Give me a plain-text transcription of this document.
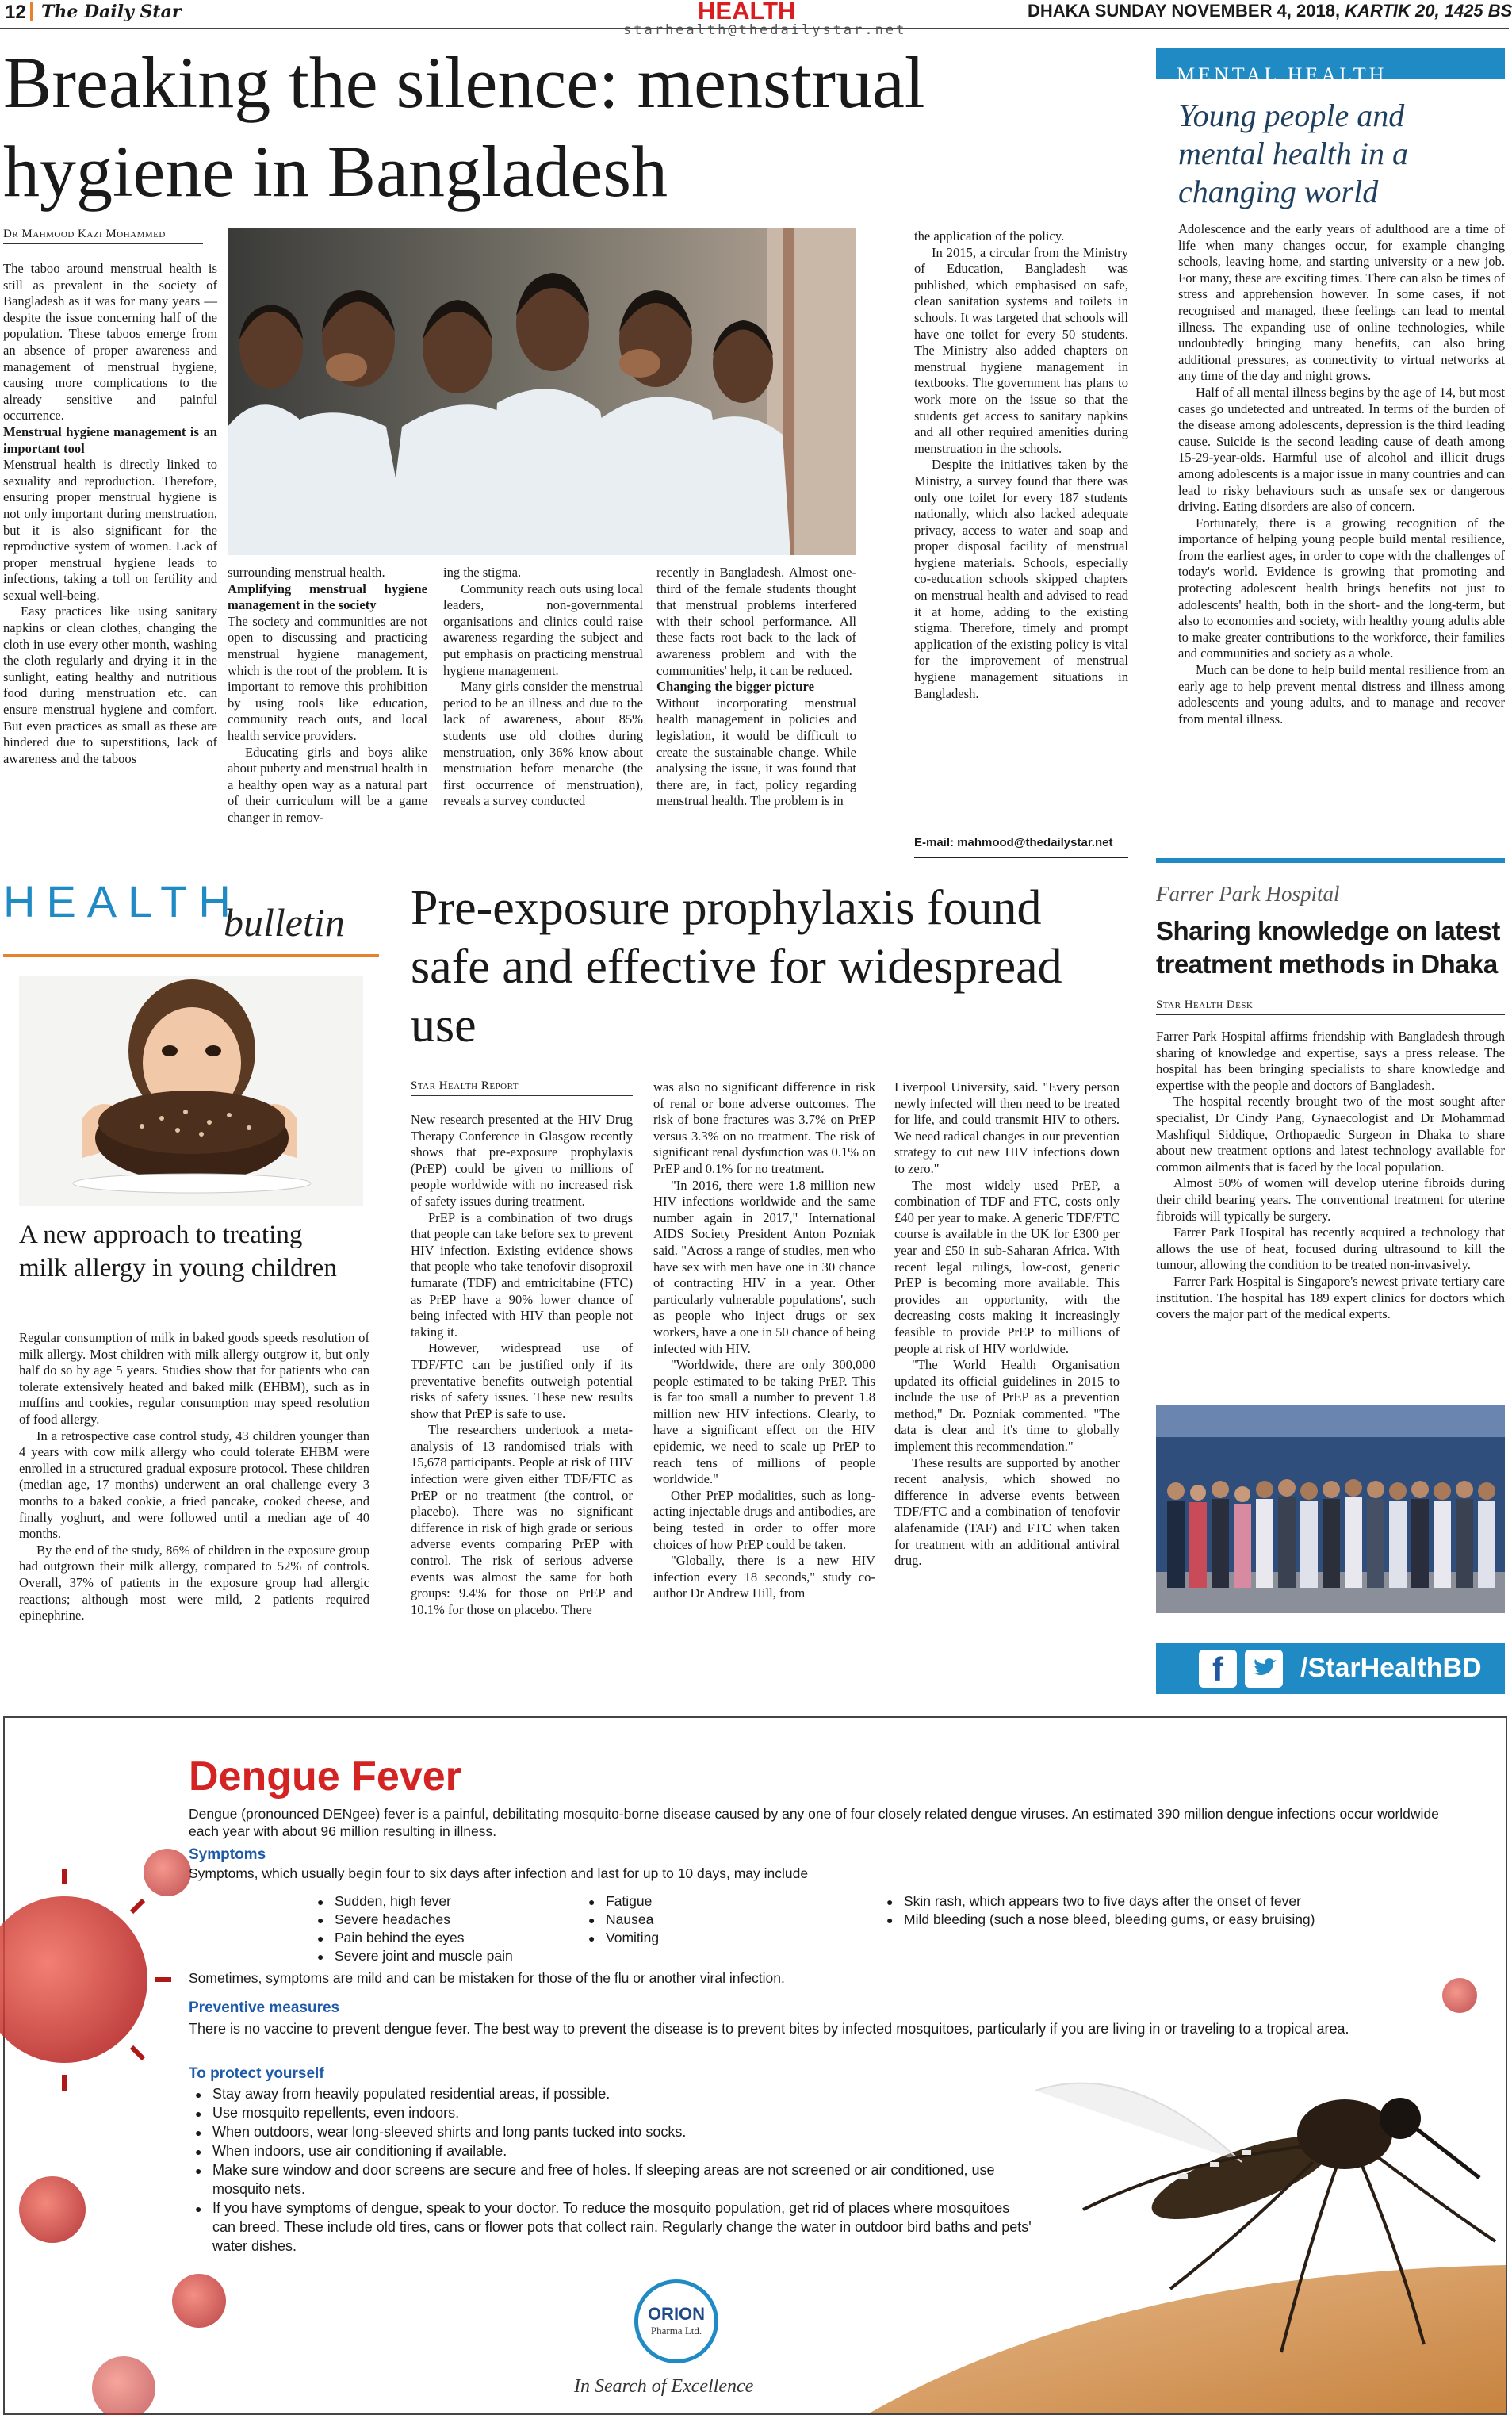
12 The Daily Star	HEALTH
starhealth@thedailystar.net
DHAKA SUNDAY NOVEMBER 4, 2018, KARTIK 20, 1425 BS
Breaking the silence: menstrual hygiene in Bangladesh
Dr Mahmood Kazi Mohammed

The taboo around menstrual health is still as prevalent in the society of Bangladesh as it was for many years — despite the issue concerning half of the population. These taboos emerge from an absence of proper awareness and management of menstrual hygiene, causing more complications to the already sensitive and painful occurrence.

Menstrual hygiene management is an important tool

Menstrual health is directly linked to sexuality and reproduction. Therefore, ensuring proper menstrual hygiene is not only important during menstruation, but it is also significant for the reproductive system of women. Lack of proper menstrual hygiene leads to infections, taking a toll on fertility and sexual well-being.

Easy practices like using sanitary napkins or clean clothes, changing the cloth in use every other month, washing the cloth regularly and drying it in the sunlight, eating healthy and nutritious food during menstruation etc. can ensure menstrual hygiene and comfort. But even practices as small as these are hindered due to superstitions, lack of awareness and the taboos

surrounding menstrual health.

Amplifying menstrual hygiene management in the society

The society and communities are not open to discussing and practicing menstrual hygiene management, which is the root of the problem. It is important to remove this prohibition by using tools like education, community reach outs, and local health service providers.

Educating girls and boys alike about puberty and menstrual health in a healthy open way as a natural part of their curriculum will be a game changer in remov-

ing the stigma.

Community reach outs using local leaders, non-governmental organisations and clinics could raise awareness regarding the subject and put emphasis on practicing menstrual hygiene management.

Many girls consider the menstrual period to be an illness and due to the lack of awareness, about 85% students use old clothes during menstruation, only 36% know about menstruation before menarche (the first occurrence of menstruation), reveals a survey conducted

recently in Bangladesh. Almost one-third of the female students thought that menstrual problems interfered with their school performance. All these facts root back to the lack of awareness problem and with the communities' help, it can be reduced.

Changing the bigger picture

Without incorporating menstrual health management in policies and legislation, it would be difficult to create the sustainable change. While analysing the issue, it was found that there are, in fact, policy regarding menstrual health. The problem is in

the application of the policy.

In 2015, a circular from the Ministry of Education, Bangladesh was published, which emphasised on safe, clean sanitation systems and toilets in schools. It was targeted that schools will have one toilet for every 50 students. The Ministry also added chapters on menstrual hygiene management in textbooks. The government has plans to work more on the issue so that the students get access to sanitary napkins and all other required amenities during menstruation in the schools.

Despite the initiatives taken by the Ministry, a survey found that there was only one toilet for every 187 students nationally, which also lacked adequate privacy, access to water and soap and proper disposal facility of menstrual hygiene materials. Schools, especially co-education schools skipped chapters on menstrual health and advised to read it at home, adding to the existing stigma. Therefore, timely and prompt application of the existing policy is vital for the improvement of menstrual hygiene management situations in Bangladesh.

E-mail: mahmood@thedailystar.net
MENTAL HEALTH
Young people and mental health in a changing world

Adolescence and the early years of adulthood are a time of life when many changes occur, for example changing schools, leaving home, and starting university or a new job. For many, these are exciting times. There can also be times of stress and apprehension however. In some cases, if not recognised and managed, these feelings can lead to mental illness. The expanding use of online technologies, while undoubtedly bringing many benefits, can also bring additional pressures, as connectivity to virtual networks at any time of the day and night grows.

Half of all mental illness begins by the age of 14, but most cases go undetected and untreated. In terms of the burden of the disease among adolescents, depression is the third leading cause. Suicide is the second leading cause of death among 15-29-year-olds. Harmful use of alcohol and illicit drugs among adolescents is a major issue in many countries and can lead to risky behaviours such as unsafe sex or dangerous driving. Eating disorders are also of concern.

Fortunately, there is a growing recognition of the importance of helping young people build mental resilience, from the earliest ages, in order to cope with the challenges of today's world. Evidence is growing that promoting and protecting adolescent health brings benefits not just to adolescents' health, both in the short- and the long-term, but also to economies and society, with healthy young adults able to make greater contributions to the workforce, their families and communities and society as a whole.

Much can be done to help build mental resilience from an early age to help prevent mental distress and illness among adolescents and young adults, and to manage and recover from mental illness.

HEALTH
bulletin
A new approach to treating milk allergy in young children

Regular consumption of milk in baked goods speeds resolution of milk allergy. Most children with milk allergy outgrow it, but only half do so by age 5 years. Studies show that for patients who can tolerate extensively heated and baked milk (EHBM), such as in muffins and cookies, regular consumption may speed resolution of food allergy.

In a retrospective case control study, 43 children younger than 4 years with cow milk allergy who could tolerate EHBM were enrolled in a structured gradual exposure protocol. These children (median age, 17 months) underwent an oral challenge every 3 months to a baked cookie, a fried pancake, cooked cheese, and finally yoghurt, and were followed until a median age of 40 months.

By the end of the study, 86% of children in the exposure group had outgrown their milk allergy, compared to 52% of controls. Overall, 37% of patients in the exposure group had allergic reactions; although most were mild, 2 patients required epinephrine.

Pre-exposure prophylaxis found safe and effective for widespread use
Star Health Report

New research presented at the HIV Drug Therapy Conference in Glasgow recently shows that pre-exposure prophylaxis (PrEP) could be given to millions of people worldwide with no increased risk of safety issues during treatment.

PrEP is a combination of two drugs that people can take before sex to prevent HIV infection. Existing evidence shows that people who take tenofovir disoproxil fumarate (TDF) and emtricitabine (FTC) as PrEP have a 90% lower chance of being infected with HIV than people not taking it.

However, widespread use of TDF/FTC can be justified only if its preventative benefits outweigh potential risks of safety issues. These new results show that PrEP is safe to use.

The researchers undertook a meta-analysis of 13 randomised trials with 15,678 participants. People at risk of HIV infection were given either TDF/FTC as PrEP or no treatment (the control, or placebo). There was no significant difference in risk of high grade or serious adverse events comparing PrEP with control. The risk of serious adverse events was almost the same for both groups: 9.4% for those on PrEP and 10.1% for those on placebo. There

was also no significant difference in risk of renal or bone adverse outcomes. The risk of bone fractures was 3.7% on PrEP versus 3.3% on no treatment. The risk of significant renal dysfunction was 0.1% on PrEP and 0.1% for no treatment.

"In 2016, there were 1.8 million new HIV infections worldwide and the same number again in 2017," International AIDS Society President Anton Pozniak said. "Across a range of studies, men who have sex with men have one in 30 chance of contracting HIV in a year. Other particularly vulnerable populations', such as people who inject drugs or sex workers, have a one in 50 chance of being infected with HIV.

"Worldwide, there are only 300,000 people estimated to be taking PrEP. This is far too small a number to prevent 1.8 million new HIV infections. Clearly, to have a significant effect on the HIV epidemic, we need to scale up PrEP to reach tens of millions of people worldwide."

Other PrEP modalities, such as long-acting injectable drugs and antibodies, are being tested in order to offer more choices of how PrEP could be taken.

"Globally, there is a new HIV infection every 18 seconds," study co-author Dr Andrew Hill, from

Liverpool University, said. "Every person newly infected will then need to be treated for life, and could transmit HIV to others. We need radical changes in our prevention strategy to cut new HIV infections down to zero."

The most widely used PrEP, a combination of TDF and FTC, costs only £40 per year to make. A generic TDF/FTC course is available in the UK for £300 per year and £50 in sub-Saharan Africa. With recent legal rulings, low-cost, generic PrEP is becoming more available. This provides an opportunity, with the decreasing costs making it increasingly feasible to provide PrEP to millions of people at risk of HIV worldwide.

"The World Health Organisation updated its official guidelines in 2015 to include the use of PrEP as a prevention method," Dr. Pozniak commented. "The data is clear and it's time to globally implement this recommendation."

These results are supported by another recent analysis, which showed no difference in adverse events between TDF/FTC and a combination of tenofovir alafenamide (TAF) and FTC when taken for treatment with an additional antiviral drug.

Farrer Park Hospital
Sharing knowledge on latest treatment methods in Dhaka
Star Health Desk

Farrer Park Hospital affirms friendship with Bangladesh through sharing of knowledge and expertise, says a press release. The hospital has been bringing specialists to share knowledge and expertise with the people and doctors of Bangladesh.

The hospital recently brought two of the most sought after specialist, Dr Cindy Pang, Gynaecologist and Dr Mohammad Mashfiqul Siddique, Orthopaedic Surgeon in Dhaka to share about new treatment options and latest technology available for common ailments that is faced by the local population.

Almost 50% of women will develop uterine fibroids during their child bearing years. The conventional treatment for uterine fibroids will typically be surgery.

Farrer Park Hospital has recently acquired a technology that allows the use of heat, focused during ultrasound to kill the tumour, allowing the condition to be treated non-invasively.

Farrer Park Hospital is Singapore's newest private tertiary care institution. The hospital has 189 expert clinics for doctors which covers the major part of the medical experts.

f	/StarHealthBD
Dengue Fever
Dengue (pronounced DENgee) fever is a painful, debilitating mosquito-borne disease caused by any one of four closely related dengue viruses. An estimated 390 million dengue infections occur worldwide each year with about 96 million resulting in illness.
Symptoms
Symptoms, which usually begin four to six days after infection and last for up to 10 days, may include
● Sudden, high fever
● Severe headaches
● Pain behind the eyes
● Severe joint and muscle pain
● Fatigue
● Nausea
● Vomiting
● Skin rash, which appears two to five days after the onset of fever
● Mild bleeding (such a nose bleed, bleeding gums, or easy bruising)
Sometimes, symptoms are mild and can be mistaken for those of the flu or another viral infection.
Preventive measures
There is no vaccine to prevent dengue fever. The best way to prevent the disease is to prevent bites by infected mosquitoes, particularly if you are living in or traveling to a tropical area.
To protect yourself
● Stay away from heavily populated residential areas, if possible.
● Use mosquito repellents, even indoors.
● When outdoors, wear long-sleeved shirts and long pants tucked into socks.
● When indoors, use air conditioning if available.
● Make sure window and door screens are secure and free of holes. If sleeping areas are not screened or air conditioned, use mosquito nets.
● If you have symptoms of dengue, speak to your doctor. To reduce the mosquito population, get rid of places where mosquitoes can breed. These include old tires, cans or flower pots that collect rain. Regularly change the water in outdoor bird baths and pets' water dishes.
ORION
Pharma Ltd.
In Search of Excellence
